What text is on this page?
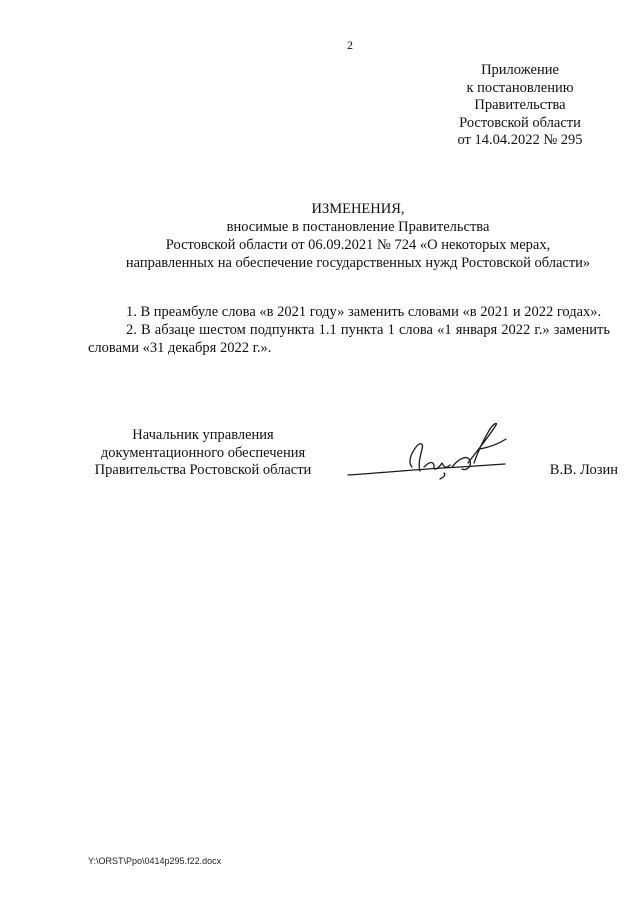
2
Приложение
к постановлению
Правительства
Ростовской области
от 14.04.2022 № 295
ИЗМЕНЕНИЯ,
вносимые в постановление Правительства
Ростовской области от 06.09.2021 № 724 «О некоторых мерах,
направленных на обеспечение государственных нужд Ростовской области»

1. В преамбуле слова «в 2021 году» заменить словами «в 2021 и 2022 годах».

2. В абзаце шестом подпункта 1.1 пункта 1 слова «1 января 2022 г.» заменить словами «31 декабря 2022 г.».

Начальник управления
документационного обеспечения
Правительства Ростовской области	В.В. Лозин
Y:\ORST\Ppo\0414p295.f22.docx
